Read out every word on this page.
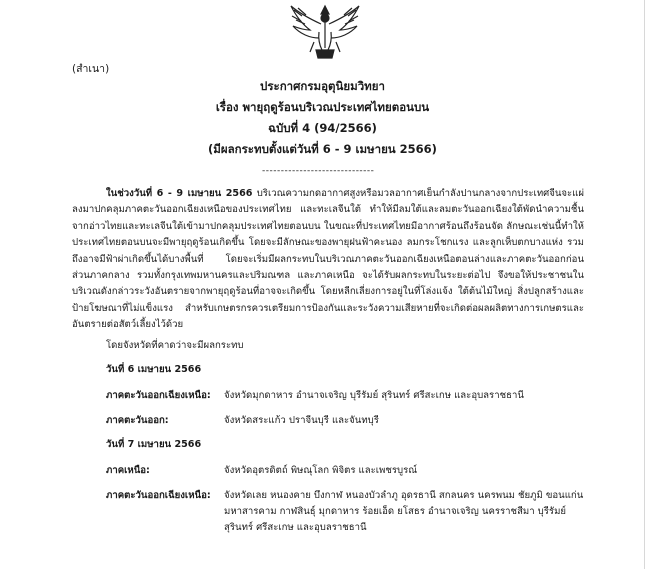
(สำเนา)
ประกาศกรมอุตุนิยมวิทยา
เรื่อง พายุฤดูร้อนบริเวณประเทศไทยตอนบน
ฉบับที่ 4 (94/2566)
(มีผลกระทบตั้งแต่วันที่ 6 - 9 เมษายน 2566)
------------------------------
ในช่วงวันที่ 6 - 9 เมษายน 2566 บริเวณความกดอากาศสูงหรือมวลอากาศเย็นกำลังปานกลางจากประเทศจีนจะแผ่ลงมาปกคลุมภาคตะวันออกเฉียงเหนือของประเทศไทย และทะเลจีนใต้ ทำให้มีลมใต้และลมตะวันออกเฉียงใต้พัดนำความชื้นจากอ่าวไทยและทะเลจีนใต้เข้ามาปกคลุมประเทศไทยตอนบน ในขณะที่ประเทศไทยมีอากาศร้อนถึงร้อนจัด ลักษณะเช่นนี้ทำให้ประเทศไทยตอนบนจะมีพายุฤดูร้อนเกิดขึ้น โดยจะมีลักษณะของพายุฝนฟ้าคะนอง ลมกระโชกแรง และลูกเห็บตกบางแห่ง รวมถึงอาจมีฟ้าผ่าเกิดขึ้นได้บางพื้นที่ โดยจะเริ่มมีผลกระทบในบริเวณภาคตะวันออกเฉียงเหนือตอนล่างและภาคตะวันออกก่อน ส่วนภาคกลาง รวมทั้งกรุงเทพมหานครและปริมณฑล และภาคเหนือ จะได้รับผลกระทบในระยะต่อไป จึงขอให้ประชาชนในบริเวณดังกล่าวระวังอันตรายจากพายุฤดูร้อนที่อาจจะเกิดขึ้น โดยหลีกเลี่ยงการอยู่ในที่โล่งแจ้ง ใต้ต้นไม้ใหญ่ สิ่งปลูกสร้างและป้ายโฆษณาที่ไม่แข็งแรง สำหรับเกษตรกรควรเตรียมการป้องกันและระวังความเสียหายที่จะเกิดต่อผลผลิตทางการเกษตรและอันตรายต่อสัตว์เลี้ยงไว้ด้วย
โดยจังหวัดที่คาดว่าจะมีผลกระทบ
วันที่ 6 เมษายน 2566
ภาคตะวันออกเฉียงเหนือ:	จังหวัดมุกดาหาร อำนาจเจริญ บุรีรัมย์ สุรินทร์ ศรีสะเกษ และอุบลราชธานี
ภาคตะวันออก:	จังหวัดสระแก้ว ปราจีนบุรี และจันทบุรี
วันที่ 7 เมษายน 2566
ภาคเหนือ:	จังหวัดอุตรดิตถ์ พิษณุโลก พิจิตร และเพชรบูรณ์
ภาคตะวันออกเฉียงเหนือ:	จังหวัดเลย หนองคาย บึงกาฬ หนองบัวลำภู อุดรธานี สกลนคร นครพนม ชัยภูมิ ขอนแก่น มหาสารคาม กาฬสินธุ์ มุกดาหาร ร้อยเอ็ด ยโสธร อำนาจเจริญ นครราชสีมา บุรีรัมย์ สุรินทร์ ศรีสะเกษ และอุบลราชธานี
